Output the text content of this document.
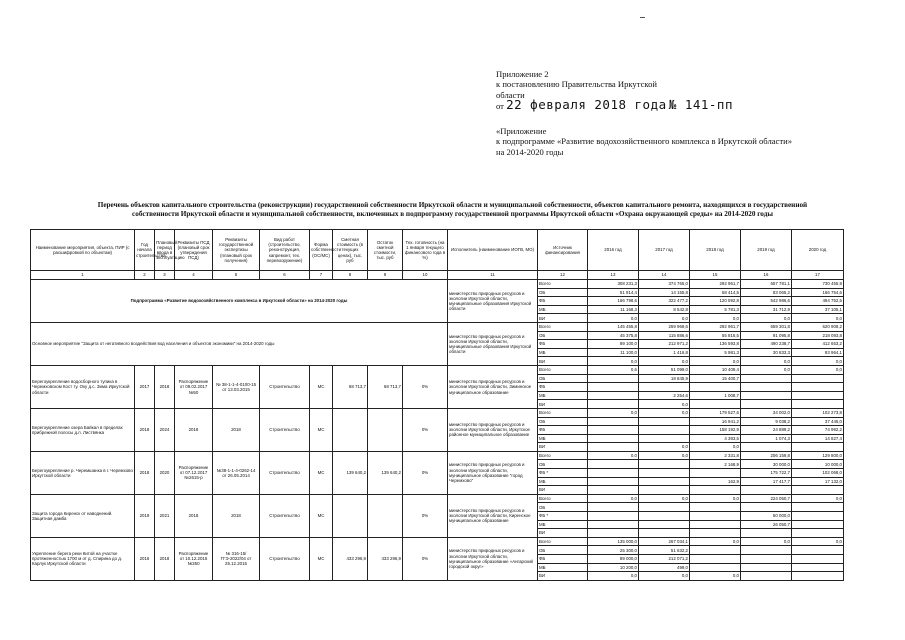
Приложение 2
к постановлению Правительства Иркутской
области
от 22 февраля 2018 года № 141-пп
«Приложение
к подпрограмме «Развитие водохозяйственного комплекса в Иркутской области»
на 2014-2020 годы
Перечень объектов капитального строительства (реконструкции) государственной собственности Иркутской области и муниципальной собственности, объектов капитального ремонта, находящихся в государственной собственности Иркутской области и муниципальной собственности, включенных в подпрограмму государственной программы Иркутской области «Охрана окружающей среды» на 2014-2020 годы
Наименование мероприятия, объекта, ПИР (с расшифровкой по объектам)	Год начала строительства	Плановый период ввода в эксплуатацию	Реквизиты ПСД (плановый срок утверждения ПСД)	Реквизиты государственной экспертизы (плановый срок получения)	Вид работ (строительство, реконструкция, капремонт, тех. перевооружение)	Форма собственности (ОС/МС)	Сметная стоимость (в текущих ценах), тыс. руб	Остаток сметной стоимости, тыс. руб	Тех. готовность (на 1 января текущего финансового года в %)	Исполнитель (наименование ИОГВ, МО)	Источник финансирования	2016 год	2017 год	2018 год	2019 год	2020 год
1	2	3	4	5	6	7	8	9	10	11	12	13	14	15	16	17
Подпрограмма «Развитие водохозяйственного комплекса в Иркутской области» на 2014-2020 годы										министерство природных ресурсов и экологии Иркутской области, муниципальные образования Иркутской области	Всего	308 231,3	374 765,0	292 961,7	657 781,1	730 455,9
											ОБ	51 914,4	14 155,8	58 414,5	83 065,2	166 754,6
											ФБ	166 798,6	322 477,2	120 592,8	542 986,6	494 752,5
											МБ	11 168,3	8 542,8	5 781,3	31 712,9	37 105,1
											ВИ	0,0	0,0	0,0	0,0	0,0
Основное мероприятие "Защита от негативного воздействия вод населения и объектов экономики" на 2014-2020 годы										министерство природных ресурсов и экологии Иркутской области, муниципальные образования Иркутской области	Всего	145 455,8	259 969,6	292 961,7	659 301,8	620 908,2
											ОБ	45 375,8	115 886,6	55 816,5	91 095,8	218 093,8
											ФБ	89 100,0	212 971,2	136 593,8	490 238,7	412 653,2
											МБ	11 100,0	1 416,8	5 981,3	30 833,3	93 964,1
											ВИ	0,0	0,0	0,0	0,0	0,0
Берегоукрепление водосборного тупика в Черемховском Кост ту. Оку д.с. Зима Иркутской области	2017	2018	Распоряжение от 09.02.2017 №50	№ 38-1-1-4-0100-15 от 13.03.2015	Строительство	МС	68 713,7	68 713,7	0%	министерство природных ресурсов и экологии Иркутской области, Зиминское муниципальное образование	Всего	0,6	51 099,0	10 409,4	0,0	0,0
											ОБ		18 845,9	15 400,7		
											ФБ					
											МБ		2 254,6	1 008,7		
											ВИ		0,0			
Берегоукрепление озера Байкал в пределах прибрежной полосы д.п. Листвянка	2018	2024	2018	2018	Строительство	МС			0%	министерство природных ресурсов и экологии Иркутской области, Иркутское районное муниципальное образование	Всего	0,0	0,0	179 527,6	34 002,0	102 273,8
											ОБ			16 941,2	9 038,2	37 446,0
											ФБ			158 192,9	24 889,2	74 992,2
											МБ			4 393,5	1 074,3	14 827,4
											ВИ		0,0	0,0		
Берегоукрепление р. Черемшанка в г. Черемхово Иркутской области	2018	2020	Распоряжение от 07.12.2017 №2615-р	№38-1-1-4-0262-14 от 26.05.2014	Строительство	МС	139 640,2	139 640,2	0%	министерство природных ресурсов и экологии Иркутской области, муниципальное образование "город Черемхово"	Всего	0,0	0,0	2 331,8	206 159,8	129 800,0
											ОБ			2 168,9	30 000,0	10 000,0
											ФБ *				175 722,7	102 068,0
											МБ			162,9	17 417,7	17 132,0
											ВИ					
Защита города Киренск от наводнений. Защитная дамба	2019	2021	2018	2018	Строительство	МС			0%	министерство природных ресурсов и экологии Иркутской области, Киренское муниципальное образование	Всего	0,0	0,0	0,0	224 050,7	0,0
											ОБ					
											ФБ *				50 000,0	
											МБ				26 050,7	
											ВИ					
Укрепление берега реки Китой на участке протяженностью 1700 м от д. Спирина до д. Карлук Иркутской области	2016	2018	Распоряжение от 10.12.2015 №350	№ 316-15/ГГЭ-2022/04 от 25.12.2015	Строительство	МС	433 296,9	433 296,9	0%	министерство природных ресурсов и экологии Иркутской области, муниципальное образование «Ангарский городской округ»	Всего	135 000,0	267 034,1	0,0	0,0	0,0
											ОБ	25 300,0	51 632,2			
											ФБ	89 000,0	212 071,2			
											МБ	10 200,0	499,0			
											ВИ	0,0	0,0	0,0		
